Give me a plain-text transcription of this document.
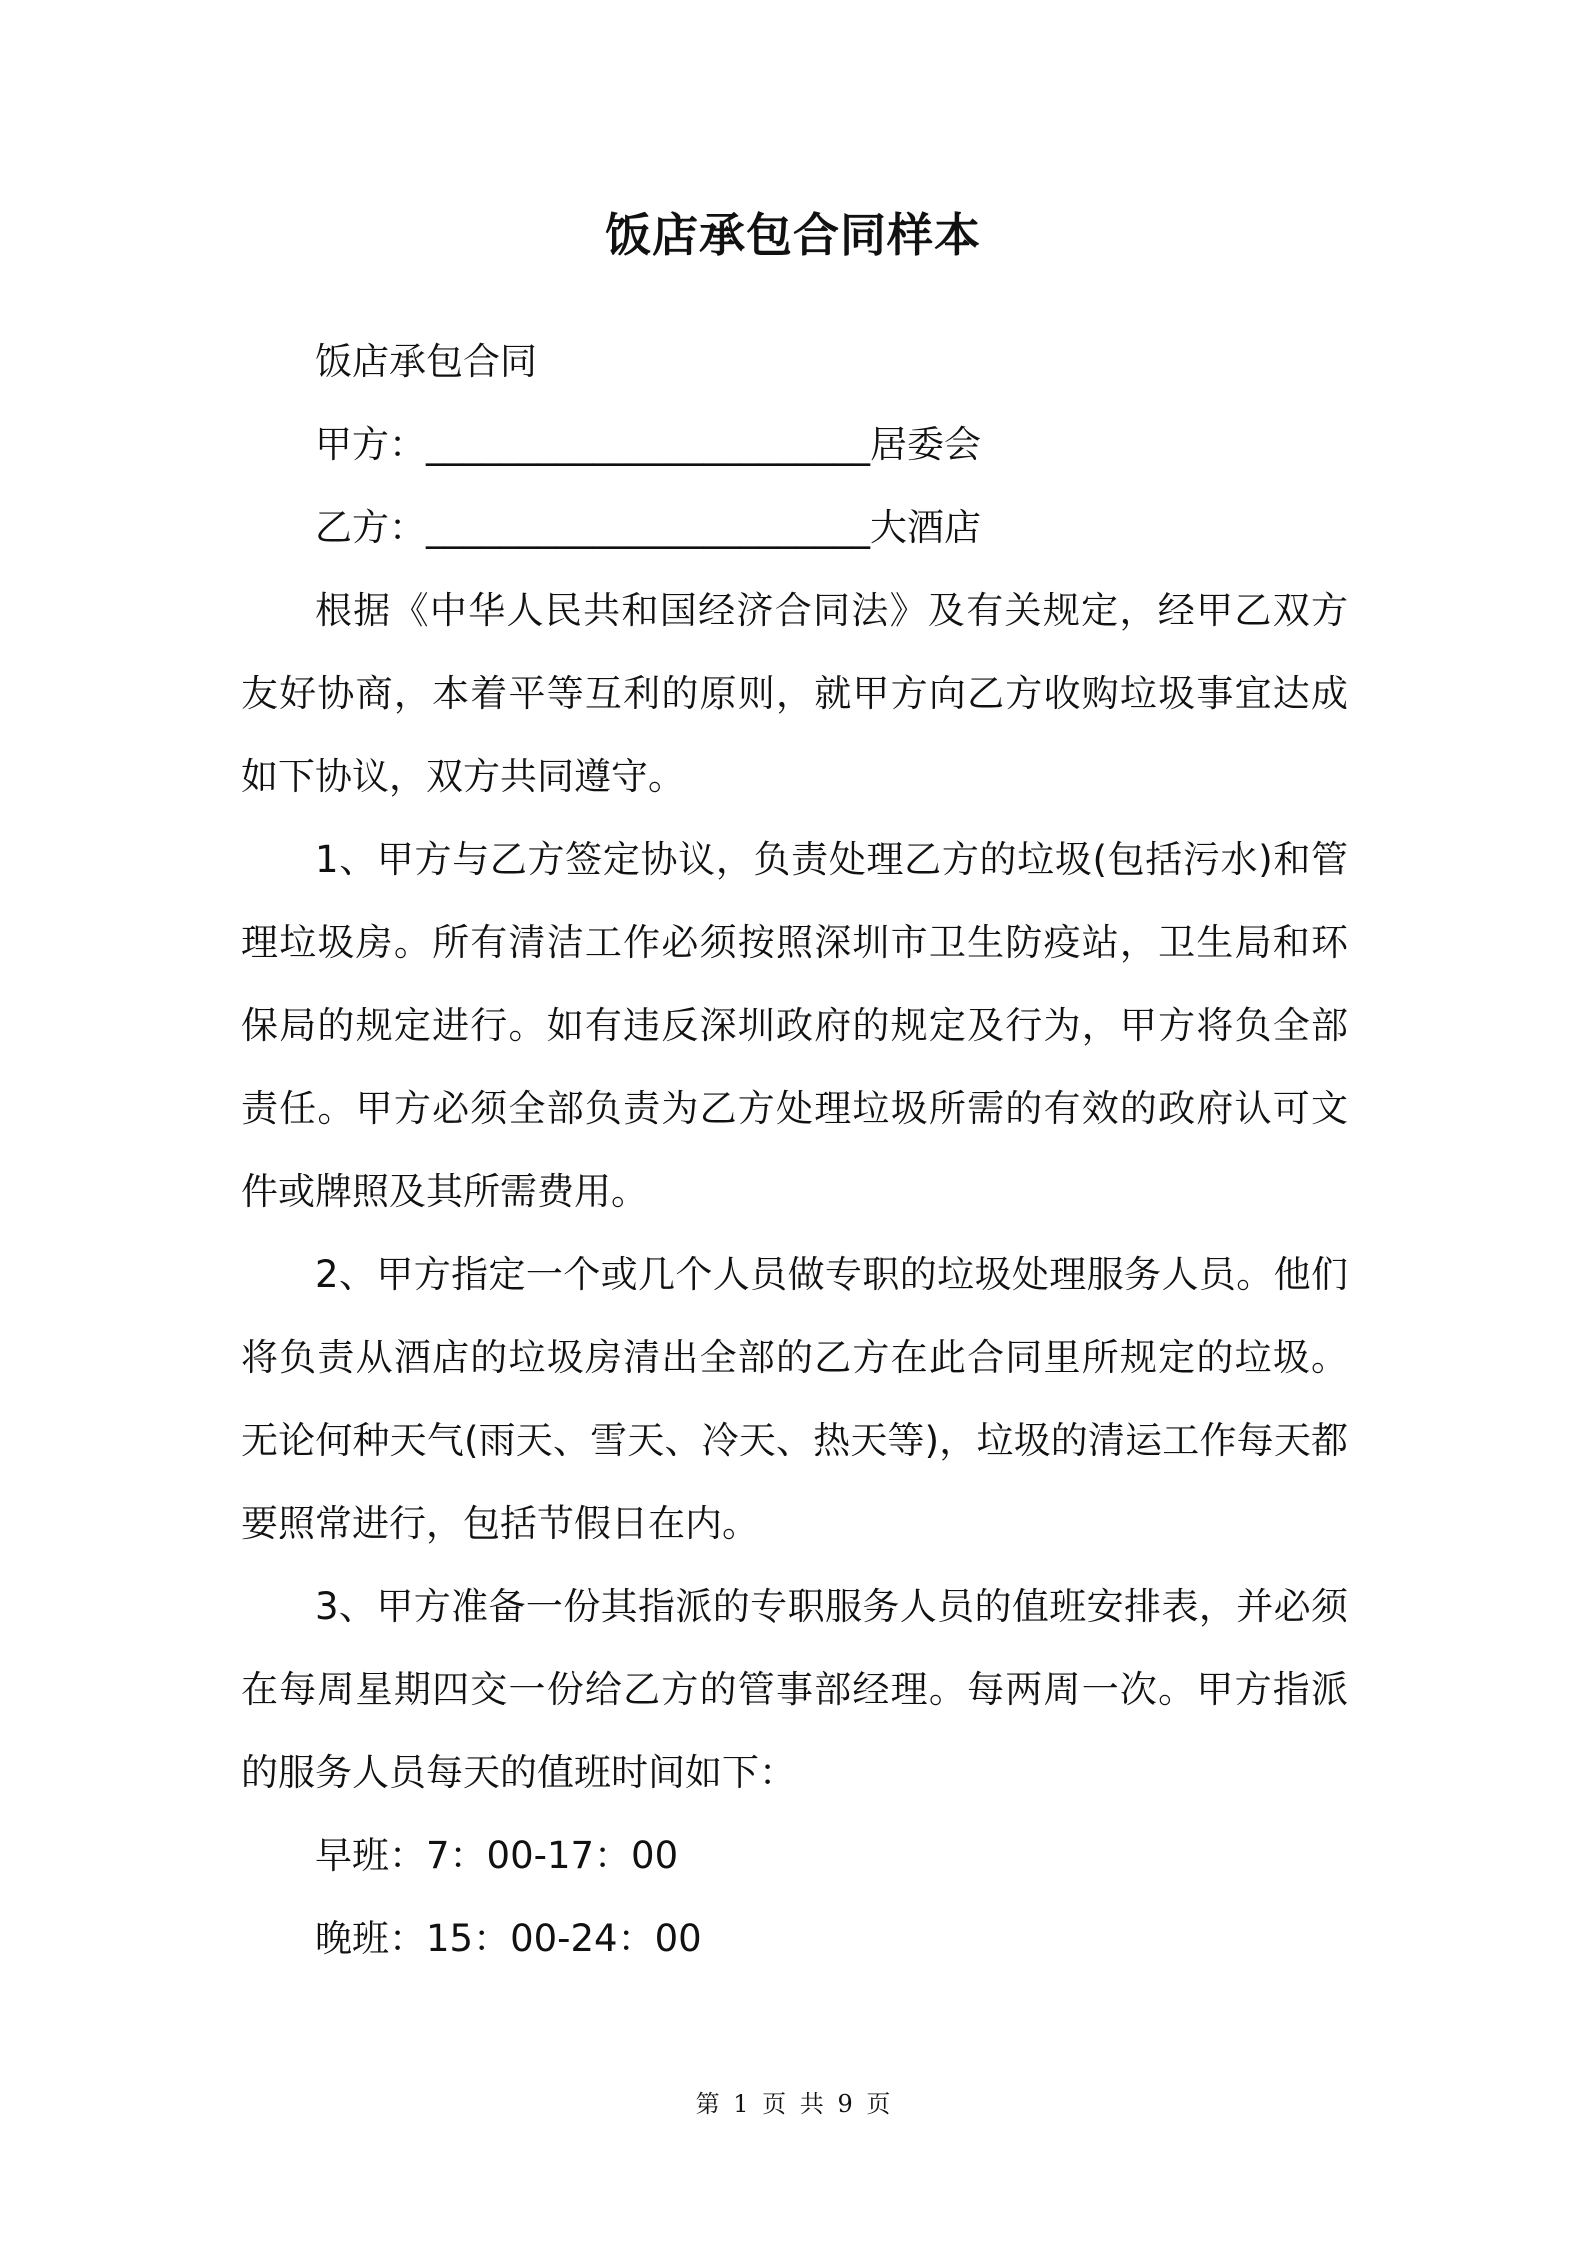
饭店承包合同样本

饭店承包合同

甲方：________________________居委会

乙方：________________________大酒店

根据《中华人民共和国经济合同法》及有关规定，经甲乙双方友好协商，本着平等互利的原则，就甲方向乙方收购垃圾事宜达成如下协议，双方共同遵守。

1、甲方与乙方签定协议，负责处理乙方的垃圾(包括污水)和管理垃圾房。所有清洁工作必须按照深圳市卫生防疫站，卫生局和环保局的规定进行。如有违反深圳政府的规定及行为，甲方将负全部责任。甲方必须全部负责为乙方处理垃圾所需的有效的政府认可文件或牌照及其所需费用。

2、甲方指定一个或几个人员做专职的垃圾处理服务人员。他们将负责从酒店的垃圾房清出全部的乙方在此合同里所规定的垃圾。无论何种天气(雨天、雪天、冷天、热天等)，垃圾的清运工作每天都要照常进行，包括节假日在内。

3、甲方准备一份其指派的专职服务人员的值班安排表，并必须在每周星期四交一份给乙方的管事部经理。每两周一次。甲方指派的服务人员每天的值班时间如下：

早班：7：00-17：00

晚班：15：00-24：00

第 1 页 共 9 页
